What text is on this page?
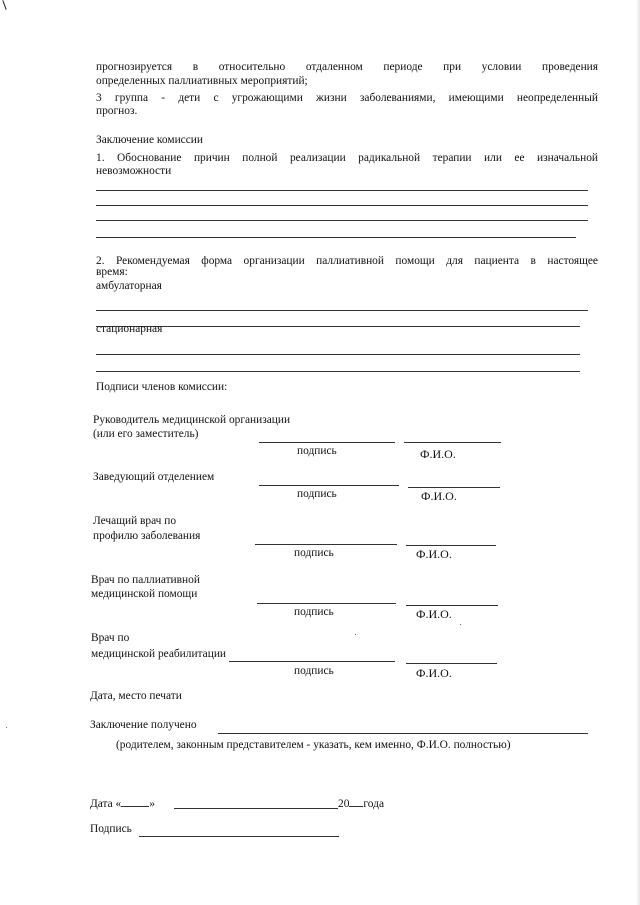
прогнозируется в относительно отдаленном периоде при условии проведения
определенных паллиативных мероприятий;
3 группа - дети с угрожающими жизни заболеваниями, имеющими неопределенный
прогноз.
Заключение комиссии
1. Обоснование причин полной реализации радикальной терапии или ее изначальной
невозможности
2. Рекомендуемая форма организации паллиативной помощи для пациента в настоящее
время:
амбулаторная
стационарная
Подписи членов комиссии:
Руководитель медицинской организации
(или его заместитель)
подпись	Ф.И.О.
Заведующий отделением
подпись	Ф.И.О.
Лечащий врач по
профилю заболевания
подпись	Ф.И.О.
Врач по паллиативной
медицинской помощи
подпись	Ф.И.О.
Врач по
медицинской реабилитации
подпись	Ф.И.О.
Дата, место печати
Заключение получено
(родителем, законным представителем - указать, кем именно, Ф.И.О. полностью)
Дата « »	20 года
Подпись
